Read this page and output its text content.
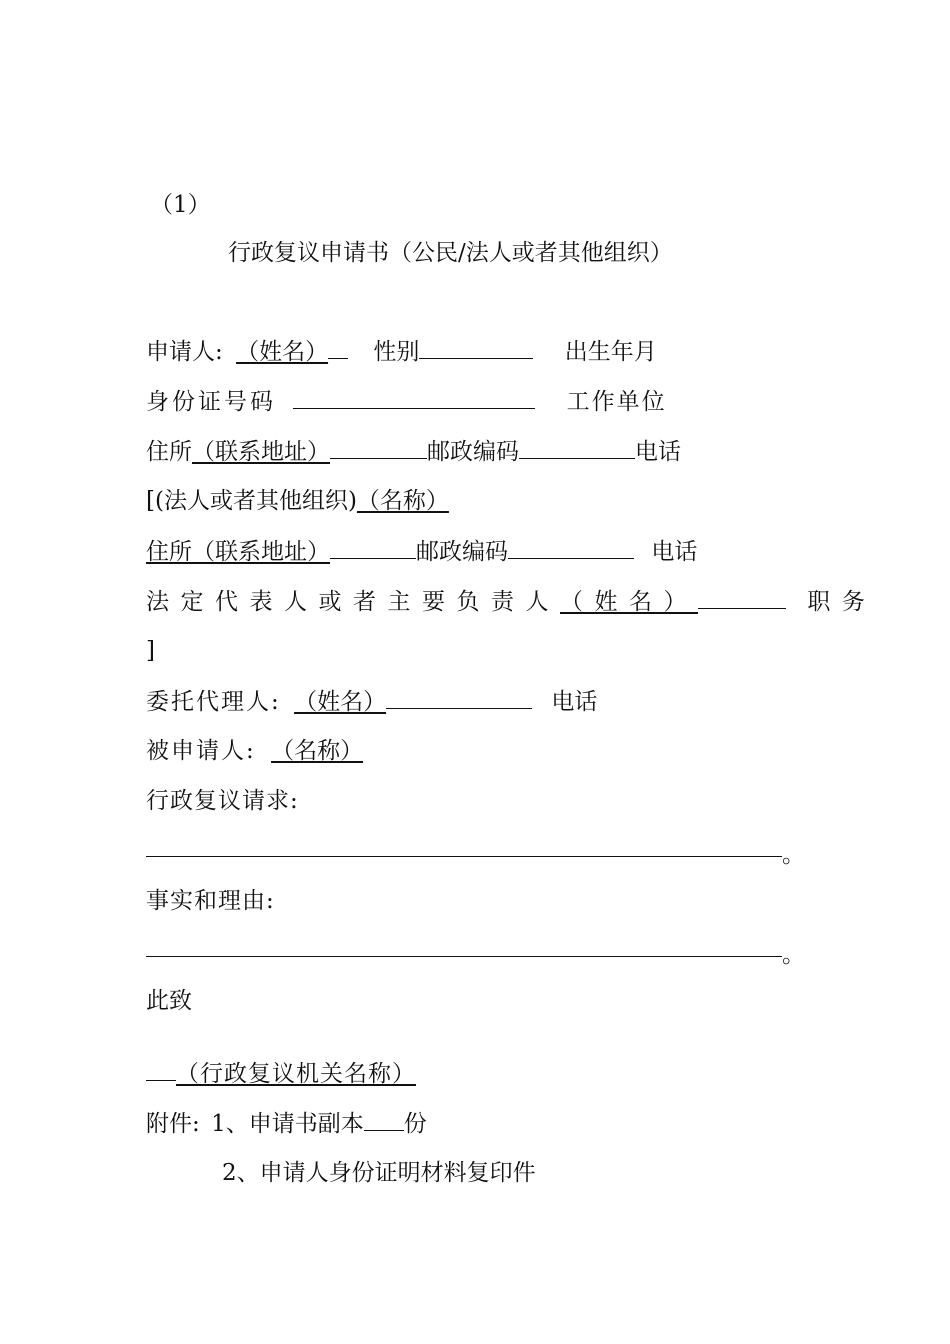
（1）
行政复议申请书（公民/法人或者其他组织）
申请人: （姓名） 性别	出生年月
身份证号码	工作单位
住所（联系地址）	邮政编码	电话
[(法人或者其他组织)（名称）
住所（联系地址）	邮政编码	电话
法定代表人或者主要负责人（姓名）	职务
]
委托代理人: （姓名）	电话
被申请人: （名称）
行政复议请求:
。
事实和理由:
。
此致
（行政复议机关名称）
附件: 1、申请书副本 份
2、申请人身份证明材料复印件
